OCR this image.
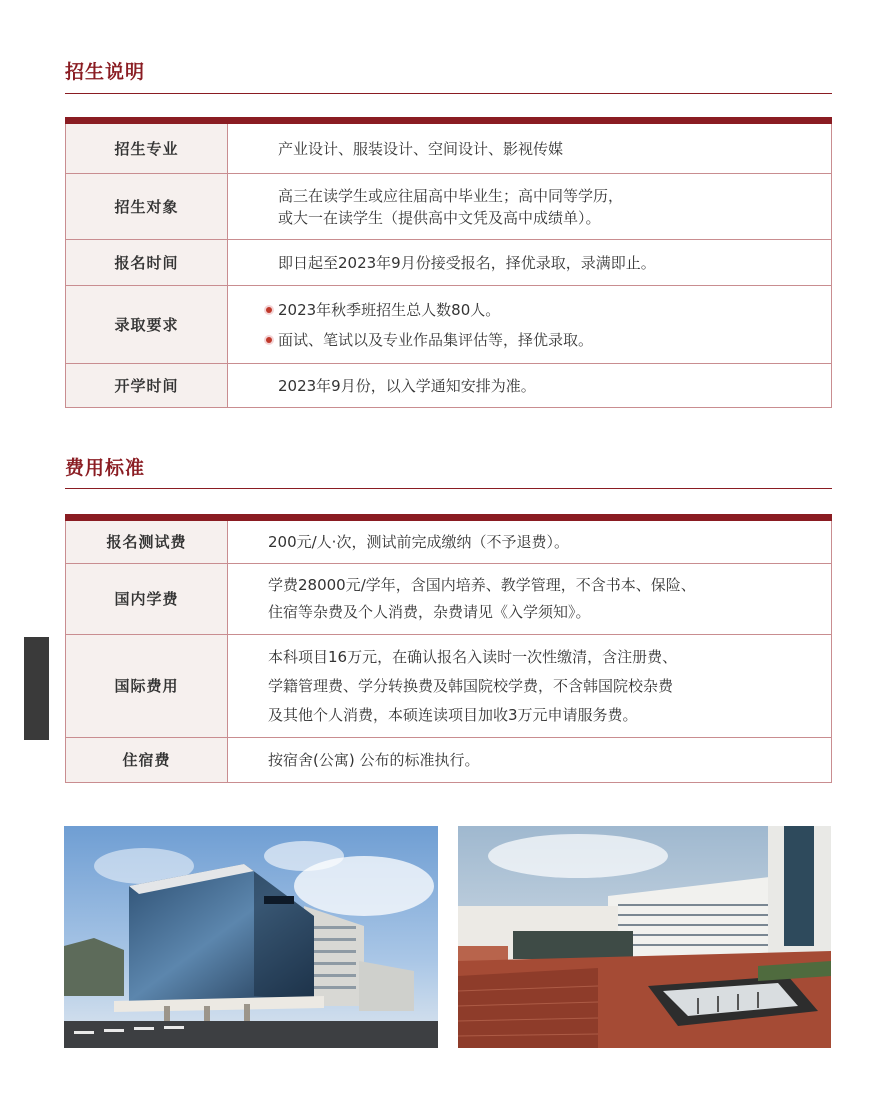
招生说明
招生专业	产业设计、服装设计、空间设计、影视传媒

招生对象	高三在读学生或应往届高中毕业生；高中同等学历，
或大一在读学生（提供高中文凭及高中成绩单）。

报名时间	即日起至2023年9月份接受报名，择优录取，录满即止。

录取要求	2023年秋季班招生总人数80人。
面试、笔试以及专业作品集评估等，择优录取。

开学时间	2023年9月份，以入学通知安排为准。
费用标准
报名测试费	200元/人·次，测试前完成缴纳（不予退费）。

国内学费	学费28000元/学年，含国内培养、教学管理，不含书本、保险、
住宿等杂费及个人消费，杂费请见《入学须知》。

国际费用	本科项目16万元，在确认报名入读时一次性缴清，含注册费、
学籍管理费、学分转换费及韩国院校学费，不含韩国院校杂费
及其他个人消费，本硕连读项目加收3万元申请服务费。

住宿费	按宿舍(公寓) 公布的标准执行。
